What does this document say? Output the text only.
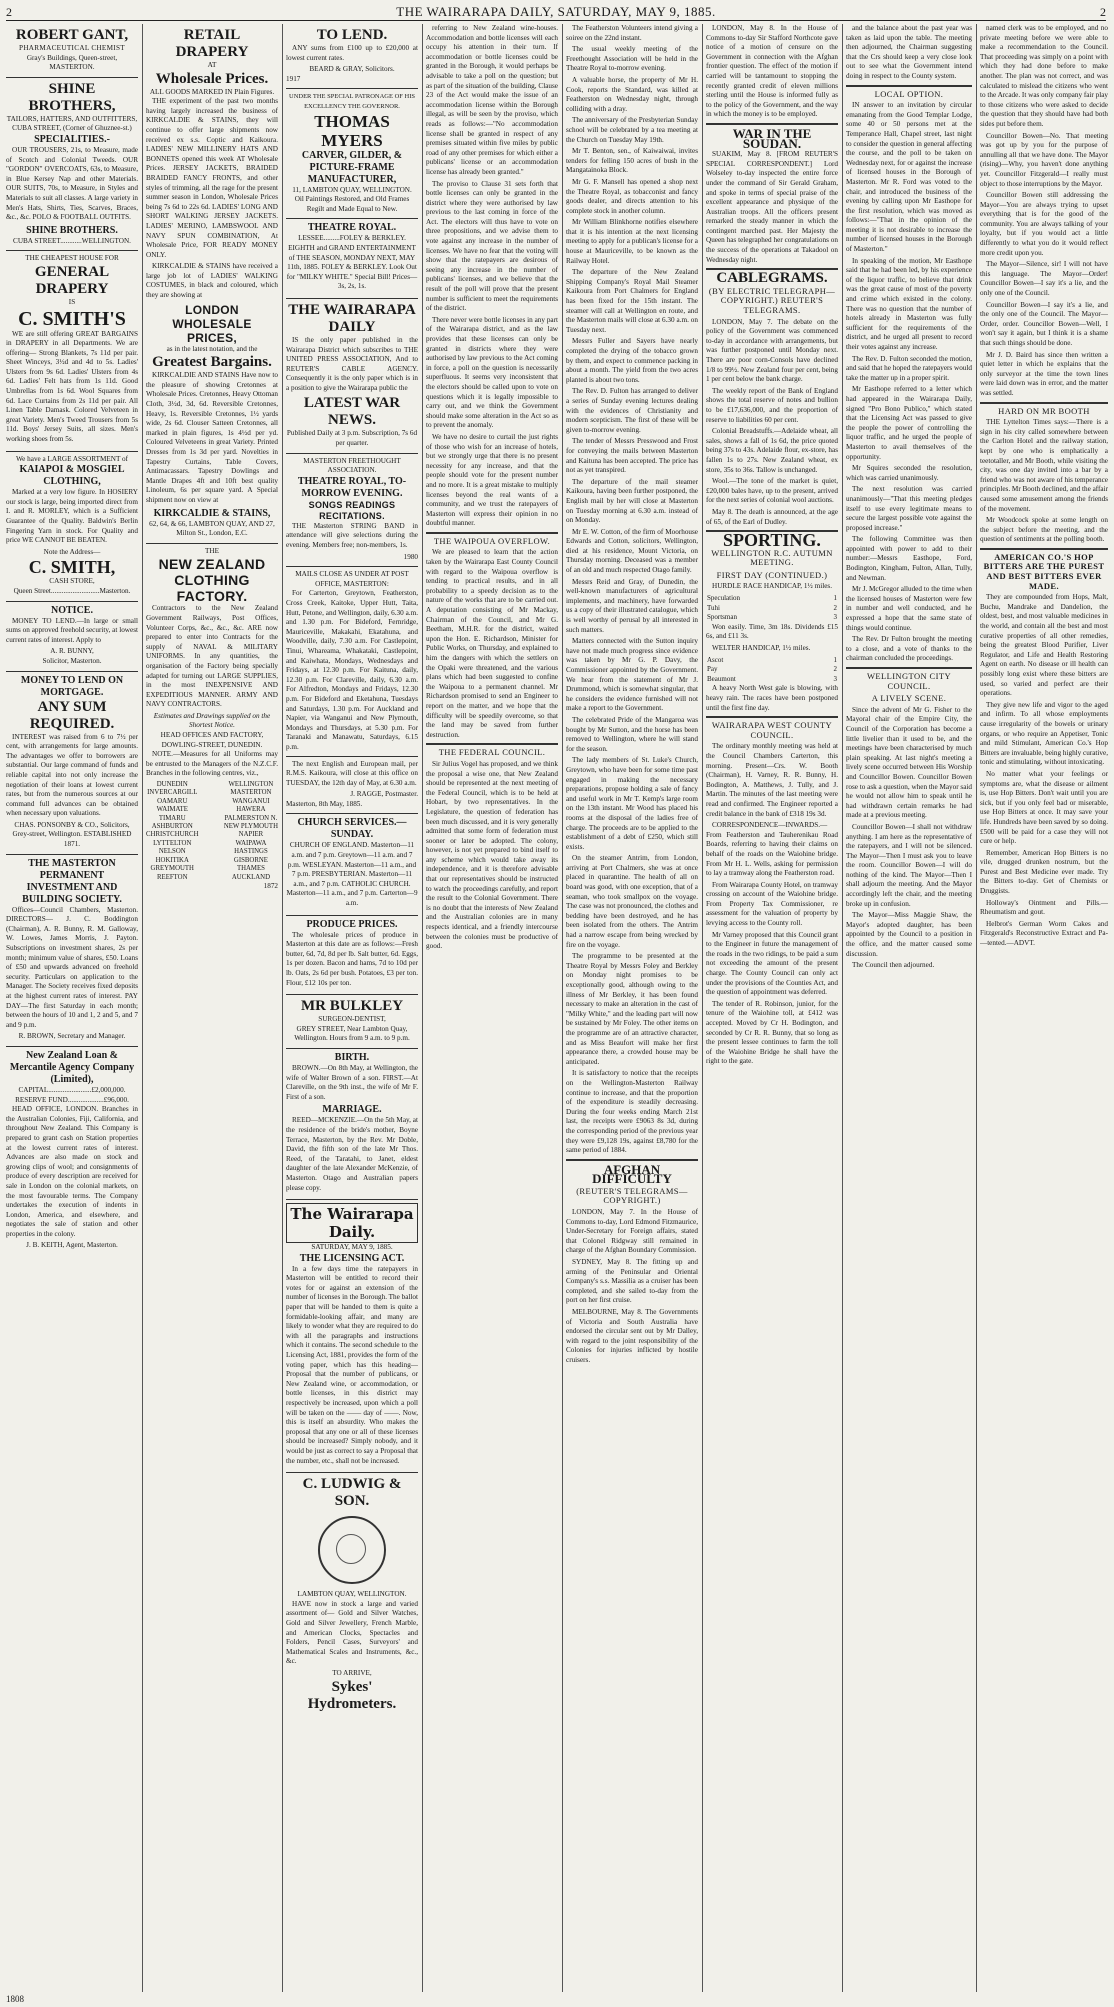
2	THE WAIRARAPA DAILY, SATURDAY, MAY 9, 1885.	2
ROBERT GANT,
PHARMACEUTICAL CHEMIST
Gray's Buildings, Queen-street,
MASTERTON.
SHINE BROTHERS,
TAILORS, HATTERS, AND OUTFITTERS,
CUBA STREET, (Corner of Ghuznee-st.)
SPECIALITIES.-

OUR TROUSERS, 21s, to Measure, made of Scotch and Colonial Tweeds. OUR "GORDON" OVERCOATS, 63s, to Measure, in Blue Kersey Nap and other Materials. OUR SUITS, 70s, to Measure, in Styles and Materials to suit all classes. A large variety in Men's Hats, Shirts, Ties, Scarves, Braces, &c., &c. POLO & FOOTBALL OUTFITS.

SHINE BROTHERS.
CUBA STREET............WELLINGTON.
THE CHEAPEST HOUSE FOR
GENERAL DRAPERY
IS
C. SMITH'S

WE are still offering GREAT BARGAINS in DRAPERY in all Departments. We are offering— Strong Blankets, 7s 11d per pair. Sheet Winceys, 3½d and 4d to 5s. Ladies' Ulsters from 9s 6d. Ladies' Ulsters from 4s 6d. Ladies' Felt hats from 1s 11d. Good Umbrellas from 1s 6d. Wool Squares from 6d. Lace Curtains from 2s 11d per pair. All Linen Table Damask. Colored Velveteen in great Variety. Men's Tweed Trousers from 5s 11d. Boys' Jersey Suits, all sizes. Men's working shoes from 5s.

We have a LARGE ASSORTMENT of
KAIAPOI & MOSGIEL
CLOTHING,

Marked at a very low figure. In HOSIERY our stock is large, being imported direct from I. and R. MORLEY, which is a Sufficient Guarantee of the Quality. Baldwin's Berlin Fingering Yarn in stock. For Quality and price WE CANNOT BE BEATEN.

Note the Address—
C. SMITH,
CASH STORE,
Queen Street...........................Masterton.
NOTICE.

MONEY TO LEND.—In large or small sums on approved freehold security, at lowest current rates of interest. Apply to

A. R. BUNNY,
Solicitor, Masterton.
MONEY TO LEND ON MORTGAGE.
ANY SUM REQUIRED.

INTEREST was raised from 6 to 7½ per cent, with arrangements for large amounts. The advantages we offer to borrowers are substantial. Our large command of funds and reliable capital into not only increase the negotiation of their loans at lowest current rates, but from the numerous sources at our command full advances can be obtained when necessary upon valuations.

CHAS. PONSONBY & CO., Solicitors, Grey-street, Wellington. ESTABLISHED 1871.
THE MASTERTON PERMANENT INVESTMENT AND BUILDING SOCIETY.

Offices—Council Chambers, Masterton. DIRECTORS— J. C. Boddington (Chairman), A. R. Bunny, R. M. Galloway, W. Lowes, James Morris, J. Payton. Subscriptions on investment shares, 2s per month; minimum value of shares, £50. Loans of £50 and upwards advanced on freehold security. Particulars on application to the Manager. The Society receives fixed deposits at the highest current rates of interest. PAY DAY—The first Saturday in each month; between the hours of 10 and 1, 2 and 5, and 7 and 9 p.m.

R. BROWN, Secretary and Manager.
New Zealand Loan & Mercantile Agency Company (Limited),
CAPITAL........................£2,000,000. RESERVE FUND....................£96,000.

HEAD OFFICE, LONDON. Branches in the Australian Colonies, Fiji, California, and throughout New Zealand. This Company is prepared to grant cash on Station properties at the lowest current rates of interest. Advances are also made on stock and growing clips of wool; and consignments of produce of every description are received for sale in London on the colonial markets, on the most favourable terms. The Company undertakes the execution of indents in London, America, and elsewhere, and negotiates the sale of station and other properties in the colony.

J. B. KEITH, Agent, Masterton.
RETAIL DRAPERY
AT
Wholesale Prices.
ALL GOODS MARKED IN Plain Figures.

THE experiment of the past two months having largely increased the business of KIRKCALDIE & STAINS, they will continue to offer large shipments now received ex s.s. Coptic and Kaikoura. LADIES' NEW MILLINERY HATS AND BONNETS opened this week AT Wholesale Prices. JERSEY JACKETS, BRAIDED BRAIDED FANCY FRONTS, and other styles of trimming, all the rage for the present summer season in London, Wholesale Prices being 7s 6d to 22s 6d. LADIES' LONG AND SHORT WALKING JERSEY JACKETS. LADIES' MERINO, LAMBSWOOL AND NAVY SPUN COMBINATION, At Wholesale Price, FOR READY MONEY ONLY.

KIRKCALDIE & STAINS have received a large job lot of LADIES' WALKING COSTUMES, in black and coloured, which they are showing at

LONDON WHOLESALE PRICES,
as in the latest notation, and the
Greatest Bargains.

KIRKCALDIE AND STAINS Have now to the pleasure of showing Cretonnes at Wholesale Prices. Cretonnes, Heavy Ottoman Cloth, 3½d, 3d, 6d. Reversible Cretonnes, Heavy, 1s. Reversible Cretonnes, 1½ yards wide, 2s 6d. Clouser Satteen Cretonnes, all marked in plain figures, 1s 4½d per yd. Coloured Velveteens in great Variety. Printed Dresses from 1s 3d per yard. Novelties in Tapestry Curtains, Table Covers, Antimacassars. Tapestry Dowlings and Mantle Drapes 4ft and 10ft best quality Linoleum, 6s per square yard. A Special shipment now on view at

KIRKCALDIE & STAINS,
62, 64, & 66, LAMBTON QUAY, AND 27, Milton St., London, E.C.
THE
NEW ZEALAND CLOTHING FACTORY.

Contractors to the New Zealand Government Railways, Post Offices, Volunteer Corps, &c., &c., &c. ARE now prepared to enter into Contracts for the supply of NAVAL & MILITARY UNIFORMS. In any quantities, the organisation of the Factory being specially adapted for turning out LARGE SUPPLIES, in the most INEXPENSIVE AND EXPEDITIOUS MANNER. ARMY AND NAVY CONTRACTORS.

Estimates and Drawings supplied on the Shortest Notice.
HEAD OFFICES AND FACTORY,
DOWLING-STREET, DUNEDIN.

NOTE.—Measures for all Uniforms may be entrusted to the Managers of the N.Z.C.F. Branches in the following centres, viz.,

DUNEDIN
INVERCARGILL
OAMARU
WAIMATE
TIMARU
ASHBURTON
CHRISTCHURCH
LYTTELTON
NELSON
HOKITIKA
GREYMOUTH
REEFTON
WELLINGTON
MASTERTON
WANGANUI
HAWERA
PALMERSTON N.
NEW PLYMOUTH
NAPIER
WAIPAWA
HASTINGS
GISBORNE
THAMES
AUCKLAND
1872
TO LEND.

ANY sums from £100 up to £20,000 at lowest current rates.

BEARD & GRAY, Solicitors.
1917
UNDER THE SPECIAL PATRONAGE OF HIS EXCELLENCY THE GOVERNOR.
THOMAS MYERS
CARVER, GILDER, & PICTURE-FRAME MANUFACTURER,
11, LAMBTON QUAY, WELLINGTON.
Oil Paintings Restored, and Old Frames Regilt and Made Equal to New.
THEATRE ROYAL.
LESSEE.........FOLEY & BERKLEY.

EIGHTH and GRAND ENTERTAINMENT of THE SEASON, MONDAY NEXT, MAY 11th, 1885. FOLEY & BERKLEY. Look Out for "MILKY WHITE." Special Bill! Prices—3s, 2s, 1s.

THE WAIRARAPA DAILY

IS the only paper published in the Wairarapa District which subscribes to THE UNITED PRESS ASSOCIATION, And to REUTER'S CABLE AGENCY. Consequently it is the only paper which is in a position to give the Wairarapa public the

LATEST WAR NEWS.
Published Daily at 3 p.m. Subscription, 7s 6d per quarter.
MASTERTON FREETHOUGHT ASSOCIATION.
THEATRE ROYAL, TO-MORROW EVENING.
SONGS READINGS RECITATIONS.

THE Masterton STRING BAND in attendance will give selections during the evening. Members free; non-members, 1s.

1980
MAILS CLOSE AS UNDER AT POST OFFICE, MASTERTON:

For Carterton, Greytown, Featherston, Cross Creek, Kaitoke, Upper Hutt, Taita, Hutt, Petone, and Wellington, daily, 6.30 a.m. and 1.30 p.m. For Bideford, Fernridge, Mauriceville, Makakahi, Ekatahuna, and Woodville, daily, 7.30 a.m. For Castlepoint, Tinui, Whareama, Whakataki, Castlepoint, and Kaiwhata, Mondays, Wednesdays and Fridays, at 12.30 p.m. For Kaituna, daily, 12.30 p.m. For Clareville, daily, 6.30 a.m. For Alfredton, Mondays and Fridays, 12.30 p.m. For Bideford and Eketahuna, Tuesdays and Saturdays, 1.30 p.m. For Auckland and Napier, via Wanganui and New Plymouth, Mondays and Thursdays, at 5.30 p.m. For Taranaki and Manawatu, Saturdays, 6.15 p.m.

The next English and European mail, per R.M.S. Kaikoura, will close at this office on TUESDAY, the 12th day of May, at 6.30 a.m.

J. RAGGE, Postmaster.
Masterton, 8th May, 1885.
CHURCH SERVICES.—SUNDAY.

CHURCH OF ENGLAND. Masterton—11 a.m. and 7 p.m. Greytown—11 a.m. and 7 p.m. WESLEYAN. Masterton—11 a.m., and 7 p.m. PRESBYTERIAN. Masterton—11 a.m., and 7 p.m. CATHOLIC CHURCH. Masterton—11 a.m., and 7 p.m. Carterton—9 a.m.

PRODUCE PRICES.

The wholesale prices of produce in Masterton at this date are as follows:—Fresh butter, 6d, 7d, 8d per lb. Salt butter, 6d. Eggs, 1s per dozen. Bacon and hams, 7d to 10d per lb. Oats, 2s 6d per bush. Potatoes, £3 per ton. Flour, £12 10s per ton.

MR BULKLEY
SURGEON-DENTIST,
GREY STREET, Near Lambton Quay, Wellington. Hours from 9 a.m. to 9 p.m.
BIRTH.

BROWN.—On 8th May, at Wellington, the wife of Walter Brown of a son. FIRST.—At Clareville, on the 9th inst., the wife of Mr F. First of a son.

MARRIAGE.

REED—MCKENZIE.—On the 5th May, at the residence of the bride's mother, Boyne Terrace, Masterton, by the Rev. Mr Doble, David, the fifth son of the late Mr Thos. Reed, of the Taratahi, to Janet, eldest daughter of the late Alexander McKenzie, of Masterton. Otago and Australian papers please copy.

The Wairarapa Daily.
SATURDAY, MAY 9, 1885.
THE LICENSING ACT.

In a few days time the ratepayers in Masterton will be entitled to record their votes for or against an extension of the number of licenses in the Borough. The ballot paper that will be handed to them is quite a formidable-looking affair, and many are likely to wonder what they are required to do with all the paragraphs and instructions which it contains. The second schedule to the Licensing Act, 1881, provides the form of the voting paper, which has this heading—Proposal that the number of publicans, or New Zealand wine, or accommodation, or bottle licenses, in this district may respectively be increased, upon which a poll will be taken on the —— day of ——. Now, this is itself an absurdity. Who makes the proposal that any one or all of these licenses should be increased? Simply nobody, and it would be just as correct to say a Proposal that the number, etc., shall not be increased.

C. LUDWIG & SON.
LAMBTON QUAY, WELLINGTON.

HAVE now in stock a large and varied assortment of— Gold and Silver Watches, Gold and Silver Jewellery, French Marble, and American Clocks, Spectacles and Folders, Pencil Cases, Surveyors' and Mathematical Scales and Instruments, &c., &c.

TO ARRIVE,
Sykes' Hydrometers.

referring to New Zealand wine-houses. Accommodation and bottle licenses will each occupy his attention in their turn. If accommodation or bottle licenses could be granted in the Borough, it would perhaps be advisable to take a poll on the question; but as part of the situation of the building, Clause 23 of the Act would make the issue of an accommodation license within the Borough illegal, as will be seen by the proviso, which reads as follows:—"No accommodation license shall be granted in respect of any premises situated within five miles by public road of any other premises for which either a publicans' license or an accommodation license has already been granted."

The proviso to Clause 31 sets forth that bottle licenses can only be granted in the district where they were authorised by law previous to the last coming in force of the Act. The electors will thus have to vote on three propositions, and we advise them to vote against any increase in the number of licenses. We have no fear that the voting will show that the ratepayers are desirous of seeing any increase in the number of publicans' licenses, and we believe that the result of the poll will prove that the present number is sufficient to meet the requirements of the district.

There never were bottle licenses in any part of the Wairarapa district, and as the law provides that these licenses can only be granted in districts where they were authorised by law previous to the Act coming in force, a poll on the question is necessarily superfluous. It seems very inconsistent that the electors should be called upon to vote on questions which it is legally impossible to carry out, and we think the Government should make some alteration in the Act so as to prevent the anomaly.

We have no desire to curtail the just rights of those who wish for an increase of hotels, but we strongly urge that there is no present necessity for any increase, and that the people should vote for the present number and no more. It is a great mistake to multiply licenses beyond the real wants of a community, and we trust the ratepayers of Masterton will express their opinion in no doubtful manner.

THE WAIPOUA OVERFLOW.

We are pleased to learn that the action taken by the Wairarapa East County Council with regard to the Waipoua overflow is tending to practical results, and in all probability to a speedy decision as to the nature of the works that are to be carried out. A deputation consisting of Mr Mackay, Chairman of the Council, and Mr G. Beetham, M.H.R. for the district, waited upon the Hon. E. Richardson, Minister for Public Works, on Thursday, and explained to him the dangers with which the settlers on the Opaki were threatened, and the various plans which had been suggested to confine the Waipoua to a permanent channel. Mr Richardson promised to send an Engineer to report on the matter, and we hope that the difficulty will be speedily overcome, so that the land may be saved from further destruction.

THE FEDERAL COUNCIL.

Sir Julius Vogel has proposed, and we think the proposal a wise one, that New Zealand should be represented at the next meeting of the Federal Council, which is to be held at Hobart, by two representatives. In the Legislature, the question of federation has been much discussed, and it is very generally admitted that some form of federation must sooner or later be adopted. The colony, however, is not yet prepared to bind itself to any scheme which would take away its independence, and it is therefore advisable that our representatives should be instructed to watch the proceedings carefully, and report the result to the Colonial Government. There is no doubt that the interests of New Zealand and the Australian colonies are in many respects identical, and a friendly intercourse between the colonies must be productive of good.

The Featherston Volunteers intend giving a soiree on the 22nd instant.

The usual weekly meeting of the Freethought Association will be held in the Theatre Royal to-morrow evening.

A valuable horse, the property of Mr H. Cook, reports the Standard, was killed at Featherston on Wednesday night, through colliding with a dray.

The anniversary of the Presbyterian Sunday school will be celebrated by a tea meeting at the Church on Tuesday May 19th.

Mr T. Benton, sen., of Kaiwaiwai, invites tenders for felling 150 acres of bush in the Mangatainoka Block.

Mr G. F. Mansell has opened a shop next the Theatre Royal, as tobacconist and fancy goods dealer, and directs attention to his complete stock in another column.

Mr William Blinkhorne notifies elsewhere that it is his intention at the next licensing meeting to apply for a publican's license for a house at Mauriceville, to be known as the Railway Hotel.

The departure of the New Zealand Shipping Company's Royal Mail Steamer Kaikoura from Port Chalmers for England has been fixed for the 15th instant. The steamer will call at Wellington en route, and the Masterton mails will close at 6.30 a.m. on Tuesday next.

Messrs Fuller and Sayers have nearly completed the drying of the tobacco grown by them, and expect to commence packing in about a month. The yield from the two acres planted is about two tons.

The Rev. D. Fulton has arranged to deliver a series of Sunday evening lectures dealing with the evidences of Christianity and modern scepticism. The first of these will be given to-morrow evening.

The tender of Messrs Presswood and Frost for conveying the mails between Masterton and Kaituna has been accepted. The price has not as yet transpired.

The departure of the mail steamer Kaikoura, having been further postponed, the English mail by her will close at Masterton on Tuesday morning at 6.30 a.m. instead of on Monday.

Mr E. W. Cotton, of the firm of Moorhouse Edwards and Cotton, solicitors, Wellington, died at his residence, Mount Victoria, on Thursday morning. Deceased was a member of an old and much respected Otago family.

Messrs Reid and Gray, of Dunedin, the well-known manufacturers of agricultural implements, and machinery, have forwarded us a copy of their illustrated catalogue, which is well worthy of perusal by all interested in such matters.

Matters connected with the Sutton inquiry have not made much progress since evidence was taken by Mr G. P. Davy, the Commissioner appointed by the Government. We hear from the statement of Mr J. Drummond, which is somewhat singular, that he considers the evidence furnished will not make a report to the Government.

The celebrated Pride of the Mangaroa was bought by Mr Sutton, and the horse has been removed to Wellington, where he will stand for the season.

The lady members of St. Luke's Church, Greytown, who have been for some time past engaged in making the necessary preparations, propose holding a sale of fancy and useful work in Mr T. Kemp's large room on the 13th instant. Mr Wood has placed his rooms at the disposal of the ladies free of charge. The proceeds are to be applied to the establishment of a debt of £250, which still exists.

On the steamer Antrim, from London, arriving at Port Chalmers, she was at once placed in quarantine. The health of all on board was good, with one exception, that of a seaman, who took smallpox on the voyage. The case was not pronounced, the clothes and bedding have been destroyed, and he has been isolated from the others. The Antrim had a narrow escape from being wrecked by fire on the voyage.

The programme to be presented at the Theatre Royal by Messrs Foley and Berkley on Monday night promises to be exceptionally good, although owing to the illness of Mr Berkley, it has been found necessary to make an alteration in the cast of "Milky White," and the leading part will now be sustained by Mr Foley. The other items on the programme are of an attractive character, and as Miss Beaufort will make her first appearance there, a crowded house may be anticipated.

It is satisfactory to notice that the receipts on the Wellington-Masterton Railway continue to increase, and that the proportion of the expenditure is steadily decreasing. During the four weeks ending March 21st last, the receipts were £9063 8s 3d, during the corresponding period of the previous year they were £9,128 19s, against £8,780 for the same period of 1884.

AFGHAN DIFFICULTY
(REUTER'S TELEGRAMS—COPYRIGHT.)

LONDON, May 7. In the House of Commons to-day, Lord Edmond Fitzmaurice, Under-Secretary for Foreign affairs, stated that Colonel Ridgway still remained in charge of the Afghan Boundary Commission.

SYDNEY, May 8. The fitting up and arming of the Peninsular and Oriental Company's s.s. Massilia as a cruiser has been completed, and she sailed to-day from the port on her first cruise.

MELBOURNE, May 8. The Governments of Victoria and South Australia have endorsed the circular sent out by Mr Dalley, with regard to the joint responsibility of the Colonies for injuries inflicted by hostile cruisers.

LONDON, May 8. In the House of Commons to-day Sir Stafford Northcote gave notice of a motion of censure on the Government in connection with the Afghan frontier question. The effect of the motion if carried will be tantamount to stopping the recently granted credit of eleven millions sterling until the House is informed fully as to the policy of the Government, and the way in which the money is to be employed.

WAR IN THE SOUDAN.

SUAKIM, May 8. [FROM REUTER'S SPECIAL CORRESPONDENT.] Lord Wolseley to-day inspected the entire force under the command of Sir Gerald Graham, and spoke in terms of special praise of the excellent appearance and physique of the Australian troops. All the officers present remarked the steady manner in which the contingent marched past. Her Majesty the Queen has telegraphed her congratulations on the success of the operations at Takadool on Wednesday night.

CABLEGRAMS.
(BY ELECTRIC TELEGRAPH—COPYRIGHT.) REUTER'S TELEGRAMS.

LONDON, May 7. The debate on the policy of the Government was commenced to-day in accordance with arrangements, but was further postponed until Monday next. There are poor corn-Consols have declined 1/8 to 99½. New Zealand four per cent, being 1 per cent below the bank charge.

The weekly report of the Bank of England shows the total reserve of notes and bullion to be £17,636,000, and the proportion of reserve to liabilities 60 per cent.

Colonial Breadstuffs.—Adelaide wheat, all sales, shows a fall of 1s 6d, the price quoted being 37s to 43s. Adelaide flour, ex-store, has fallen 1s to 27s. New Zealand wheat, ex store, 35s to 36s. Tallow is unchanged.

Wool.—The tone of the market is quiet, £20,000 bales have, up to the present, arrived for the next series of colonial wool auctions.

May 8. The death is announced, at the age of 65, of the Earl of Dudley.

SPORTING.
WELLINGTON R.C. AUTUMN MEETING.
FIRST DAY (CONTINUED.)

HURDLE RACE HANDICAP, 1½ miles.

Speculation	1
Tuhi	2
Sportsman	3

Won easily. Time, 3m 18s. Dividends £15 6s, and £11 3s.

WELTER HANDICAP, 1½ miles.

Ascot	1
Pay	2
Beaumont	3

A heavy North West gale is blowing, with heavy rain. The races have been postponed until the first fine day.

WAIRARAPA WEST COUNTY COUNCIL.

The ordinary monthly meeting was held at the Council Chambers Carterton, this morning. Present—Crs. W. Booth (Chairman), H. Varney, R. R. Bunny, H. Bodington, A. Matthews, J. Tully, and J. Martin. The minutes of the last meeting were read and confirmed. The Engineer reported a credit balance in the bank of £318 19s 3d.

CORRESPONDENCE—INWARDS.—From Featherston and Tauherenikau Road Boards, referring to having their claims on behalf of the roads on the Waiohine bridge. From Mr H. L. Wells, asking for permission to lay a tramway along the Featherston road.

From Wairarapa County Hotel, on tramway crossing on account of the Waiohine bridge. From Property Tax Commissioner, re assessment for the valuation of property by levying access to the County roll.

Mr Varney proposed that this Council grant to the Engineer in future the management of the roads in the two ridings, to be paid a sum not exceeding the amount of the present charge. The County Council can only act under the provisions of the Counties Act, and the question of appointment was deferred.

The tender of R. Robinson, junior, for the tenure of the Waiohine toll, at £412 was accepted. Moved by Cr H. Bodington, and seconded by Cr R. R. Bunny, that so long as the present lessee continues to farm the toll of the Waiohine Bridge he shall have the right to the gate.

and the balance about the past year was taken as laid upon the table. The meeting then adjourned, the Chairman suggesting that the Crs should keep a very close look out to see what the Government intend doing in respect to the County system.

LOCAL OPTION.

IN answer to an invitation by circular emanating from the Good Templar Lodge, some 40 or 50 persons met at the Temperance Hall, Chapel street, last night to consider the question in general affecting the course, and the poll to be taken on Wednesday next, for or against the increase of licensed houses in the Borough of Masterton. Mr R. Ford was voted to the chair, and introduced the business of the evening by calling upon Mr Easthope for the first resolution, which was moved as follows:—"That in the opinion of the meeting it is not desirable to increase the number of licensed houses in the Borough of Masterton."

In speaking of the motion, Mr Easthope said that he had been led, by his experience of the liquor traffic, to believe that drink was the great cause of most of the poverty and crime which existed in the colony. There was no question that the number of hotels already in Masterton was fully sufficient for the requirements of the district, and he urged all present to record their votes against any increase.

The Rev. D. Fulton seconded the motion, and said that he hoped the ratepayers would take the matter up in a proper spirit.

Mr Easthope referred to a letter which had appeared in the Wairarapa Daily, signed "Pro Bono Publico," which stated that the Licensing Act was passed to give the people the power of controlling the liquor traffic, and he urged the people of Masterton to avail themselves of the opportunity.

Mr Squires seconded the resolution, which was carried unanimously.

The next resolution was carried unanimously—"That this meeting pledges itself to use every legitimate means to secure the largest possible vote against the proposed increase."

The following Committee was then appointed with power to add to their number:—Messrs Easthope, Ford, Bodington, Kingham, Fulton, Allan, Tully, and Newman.

Mr J. McGregor alluded to the time when the licensed houses of Masterton were few in number and well conducted, and he expressed a hope that the same state of things would continue.

The Rev. Dr Fulton brought the meeting to a close, and a vote of thanks to the chairman concluded the proceedings.

WELLINGTON CITY COUNCIL.
A LIVELY SCENE.

Since the advent of Mr G. Fisher to the Mayoral chair of the Empire City, the Council of the Corporation has become a little livelier than it used to be, and the meetings have been characterised by much plain speaking. At last night's meeting a lively scene occurred between His Worship and Councillor Bowen. Councillor Bowen rose to ask a question, when the Mayor said he would not allow him to speak until he had withdrawn certain remarks he had made at a previous meeting.

Councillor Bowen—I shall not withdraw anything. I am here as the representative of the ratepayers, and I will not be silenced. The Mayor—Then I must ask you to leave the room. Councillor Bowen—I will do nothing of the kind. The Mayor—Then I shall adjourn the meeting. And the Mayor accordingly left the chair, and the meeting broke up in confusion.

The Mayor—Miss Maggie Shaw, the Mayor's adopted daughter, has been appointed by the Council to a position in the office, and the matter caused some discussion.

The Council then adjourned.

named clerk was to be employed, and no private meeting before we were able to make a recommendation to the Council. That proceeding was simply on a point with which they had done before to make another. The plan was not correct, and was calculated to mislead the citizens who went to the Arcade. It was only company fair play to those citizens who were asked to decide the question that they should have had both sides put before them.

Councillor Bowen—No. That meeting was got up by you for the purpose of annulling all that we have done. The Mayor (rising)—Why, you haven't done anything yet. Councillor Fitzgerald—I really must object to those interruptions by the Mayor.

Councillor Bowen still addressing the Mayor—You are always trying to upset everything that is for the good of the community. You are always talking of your loyalty, but if you would act a little differently to what you do it would reflect more credit upon you.

The Mayor—Silence, sir! I will not have this language. The Mayor—Order! Councillor Bowen—I say it's a lie, and the only one of the Council.

Councillor Bowen—I say it's a lie, and the only one of the Council. The Mayor—Order, order. Councillor Bowen—Well, I won't say it again, but I think it is a shame that such things should be done.

Mr J. D. Baird has since then written a quiet letter in which he explains that the only surveyor at the time the town lines were laid down was in error, and the matter was settled.

HARD ON MR BOOTH

THE Lyttelton Times says:—There is a sign in his city called somewhere between the Carlton Hotel and the railway station, kept by one who is emphatically a teetotaller, and Mr Booth, while visiting the city, was one day invited into a bar by a friend who was not aware of his temperance principles. Mr Booth declined, and the affair caused some amusement among the friends of the movement.

Mr Woodcock spoke at some length on the subject before the meeting, and the question of sentiments at the polling booth.

AMERICAN CO.'S HOP BITTERS ARE THE PUREST AND BEST BITTERS EVER MADE.

They are compounded from Hops, Malt, Buchu, Mandrake and Dandelion, the oldest, best, and most valuable medicines in the world, and contain all the best and most curative properties of all other remedies, being the greatest Blood Purifier, Liver Regulator, and Life and Health Restoring Agent on earth. No disease or ill health can possibly long exist where these bitters are used, so varied and perfect are their operations.

They give new life and vigor to the aged and infirm. To all whose employments cause irregularity of the bowels or urinary organs, or who require an Appetiser, Tonic and mild Stimulant, American Co.'s Hop Bitters are invaluable, being highly curative, tonic and stimulating, without intoxicating.

No matter what your feelings or symptoms are, what the disease or ailment is, use Hop Bitters. Don't wait until you are sick, but if you only feel bad or miserable, use Hop Bitters at once. It may save your life. Hundreds have been saved by so doing. £500 will be paid for a case they will not cure or help.

Remember, American Hop Bitters is no vile, drugged drunken nostrum, but the Purest and Best Medicine ever made. Try the Bitters to-day. Get of Chemists or Druggists.

Holloway's Ointment and Pills.—Rheumatism and gout.

Helbrot's German Worm Cakes and Fitzgerald's Reconstructive Extract and Pa-—tented.—ADVT.

1808
